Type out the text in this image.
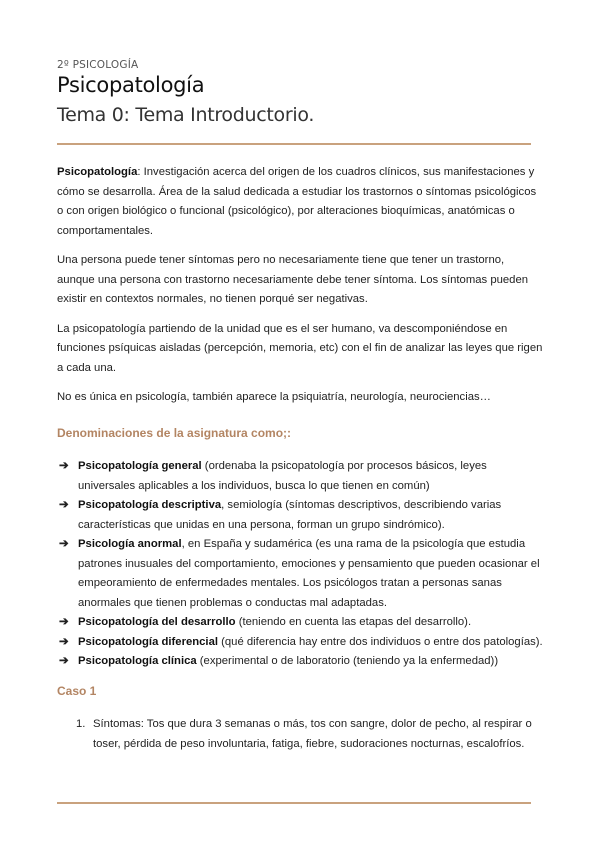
2º PSICOLOGÍA
Psicopatología
Tema 0: Tema Introductorio.

Psicopatología: Investigación acerca del origen de los cuadros clínicos, sus manifestaciones y cómo se desarrolla. Área de la salud dedicada a estudiar los trastornos o síntomas psicológicos o con origen biológico o funcional (psicológico), por alteraciones bioquímicas, anatómicas o comportamentales.

Una persona puede tener síntomas pero no necesariamente tiene que tener un trastorno, aunque una persona con trastorno necesariamente debe tener síntoma. Los síntomas pueden existir en contextos normales, no tienen porqué ser negativas.

La psicopatología partiendo de la unidad que es el ser humano, va descomponiéndose en funciones psíquicas aisladas (percepción, memoria, etc) con el fin de analizar las leyes que rigen a cada una.

No es única en psicología, también aparece la psiquiatría, neurología, neurociencias…

Denominaciones de la asignatura como;:
➔ Psicopatología general (ordenaba la psicopatología por procesos básicos, leyes universales aplicables a los individuos, busca lo que tienen en común)
➔ Psicopatología descriptiva, semiología (síntomas descriptivos, describiendo varias características que unidas en una persona, forman un grupo sindrómico).
➔ Psicología anormal, en España y sudamérica (es una rama de la psicología que estudia patrones inusuales del comportamiento, emociones y pensamiento que pueden ocasionar el empeoramiento de enfermedades mentales. Los psicólogos tratan a personas sanas anormales que tienen problemas o conductas mal adaptadas.
➔ Psicopatología del desarrollo (teniendo en cuenta las etapas del desarrollo).
➔ Psicopatología diferencial (qué diferencia hay entre dos individuos o entre dos patologías).
➔ Psicopatología clínica (experimental o de laboratorio (teniendo ya la enfermedad))
Caso 1
1. Síntomas: Tos que dura 3 semanas o más, tos con sangre, dolor de pecho, al respirar o toser, pérdida de peso involuntaria, fatiga, fiebre, sudoraciones nocturnas, escalofríos.
